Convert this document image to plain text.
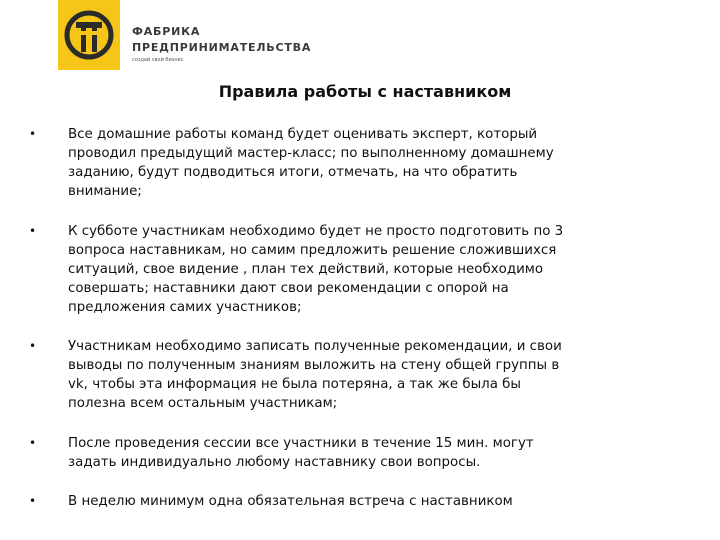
ФАБРИКА
ПРЕДПРИНИМАТЕЛЬСТВА
создай свой бизнес
Правила работы с наставником
• Все домашние работы команд будет оценивать эксперт, который
проводил предыдущий мастер-класс; по выполненному домашнему
заданию, будут подводиться итоги, отмечать, на что обратить
внимание;
• К субботе участникам необходимо будет не просто подготовить по 3
вопроса наставникам, но самим предложить решение сложившихся
ситуаций, свое видение , план тех действий, которые необходимо
совершать; наставники дают свои рекомендации с опорой на
предложения самих участников;
• Участникам необходимо записать полученные рекомендации, и свои
выводы по полученным знаниям выложить на стену общей группы в
vk, чтобы эта информация не была потеряна, а так же была бы
полезна всем остальным участникам;
• После проведения сессии все участники в течение 15 мин. могут
задать индивидуально любому наставнику свои вопросы.
• В неделю минимум одна обязательная встреча с наставником
